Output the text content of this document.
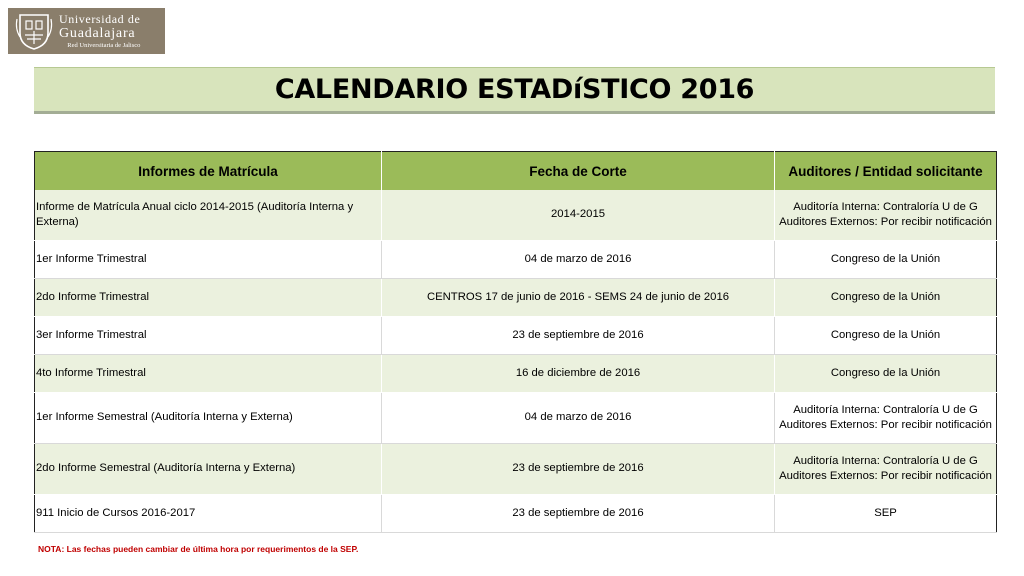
Universidad de
Guadalajara
Red Universitaria de Jalisco
CALENDARIO ESTADíSTICO 2016
Informes de Matrícula	Fecha de Corte	Auditores / Entidad solicitante
Informe de Matrícula Anual ciclo 2014-2015 (Auditoría Interna y Externa)	2014-2015	Auditoría Interna: Contraloría U de G
Auditores Externos: Por recibir notificación

1er Informe Trimestral	04 de marzo de 2016	Congreso de la Unión
2do Informe Trimestral	CENTROS 17 de junio de 2016 - SEMS 24 de junio de 2016	Congreso de la Unión
3er Informe Trimestral	23 de septiembre de 2016	Congreso de la Unión
4to Informe Trimestral	16 de diciembre de 2016	Congreso de la Unión
1er Informe Semestral (Auditoría Interna y Externa)	04 de marzo de 2016	Auditoría Interna: Contraloría U de G
Auditores Externos: Por recibir notificación

2do Informe Semestral (Auditoría Interna y Externa)	23 de septiembre de 2016	Auditoría Interna: Contraloría U de G
Auditores Externos: Por recibir notificación

911 Inicio de Cursos 2016-2017	23 de septiembre de 2016	SEP
NOTA: Las fechas pueden cambiar de última hora por requerimentos de la SEP.
